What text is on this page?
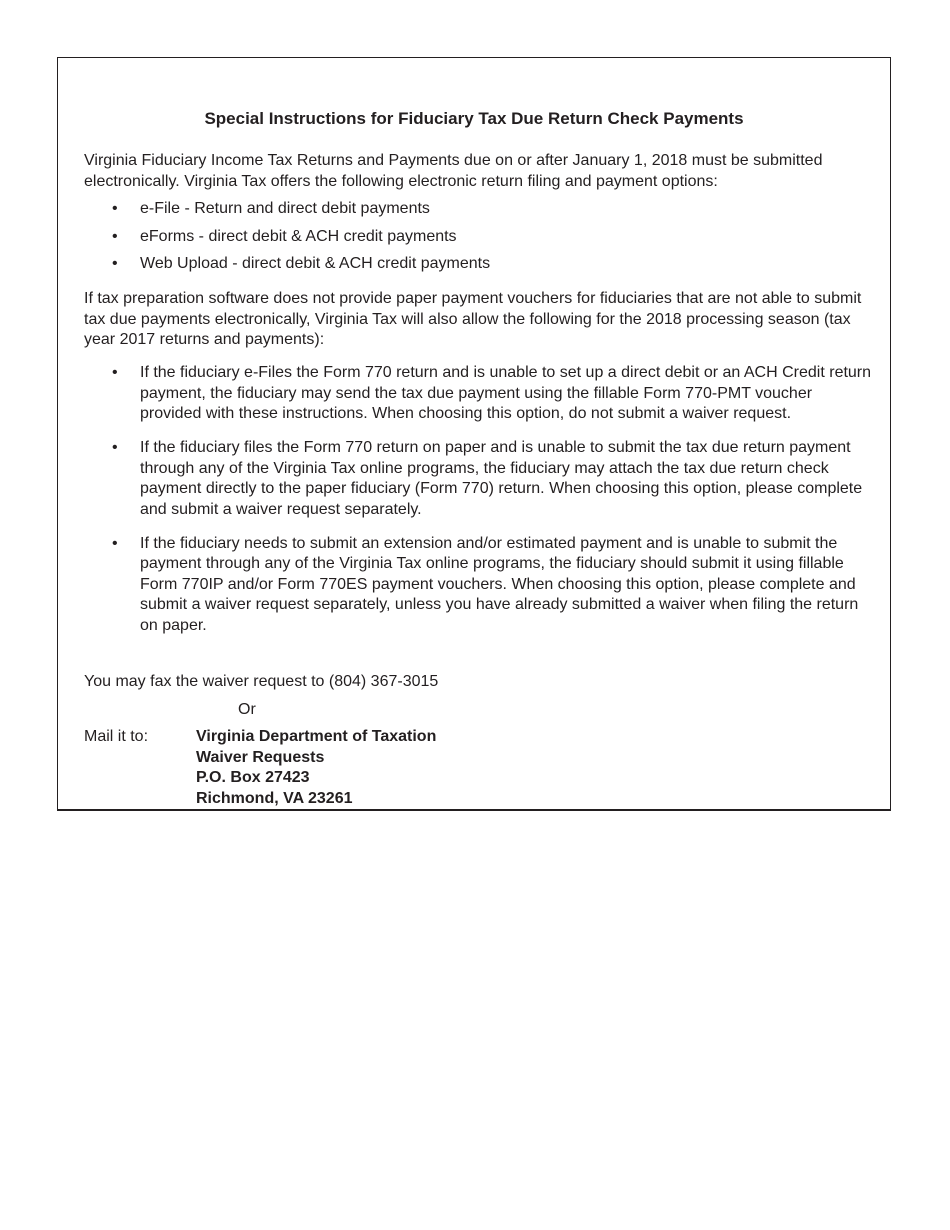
Special Instructions for Fiduciary Tax Due Return Check Payments

Virginia Fiduciary Income Tax Returns and Payments due on or after January 1, 2018 must be submitted electronically. Virginia Tax offers the following electronic return filing and payment options:

• e-File - Return and direct debit payments
• eForms - direct debit & ACH credit payments
• Web Upload - direct debit & ACH credit payments

If tax preparation software does not provide paper payment vouchers for fiduciaries that are not able to submit tax due payments electronically, Virginia Tax will also allow the following for the 2018 processing season (tax year 2017 returns and payments):

• If the fiduciary e-Files the Form 770 return and is unable to set up a direct debit or an ACH Credit return payment, the fiduciary may send the tax due payment using the fillable Form 770-PMT voucher provided with these instructions. When choosing this option, do not submit a waiver request.
• If the fiduciary files the Form 770 return on paper and is unable to submit the tax due return payment through any of the Virginia Tax online programs, the fiduciary may attach the tax due return check payment directly to the paper fiduciary (Form 770) return. When choosing this option, please complete and submit a waiver request separately.
• If the fiduciary needs to submit an extension and/or estimated payment and is unable to submit the payment through any of the Virginia Tax online programs, the fiduciary should submit it using fillable Form 770IP and/or Form 770ES payment vouchers. When choosing this option, please complete and submit a waiver request separately, unless you have already submitted a waiver when filing the return on paper.

You may fax the waiver request to (804) 367-3015

Or
Mail it to:	Virginia Department of Taxation
Waiver Requests
P.O. Box 27423
Richmond, VA 23261
